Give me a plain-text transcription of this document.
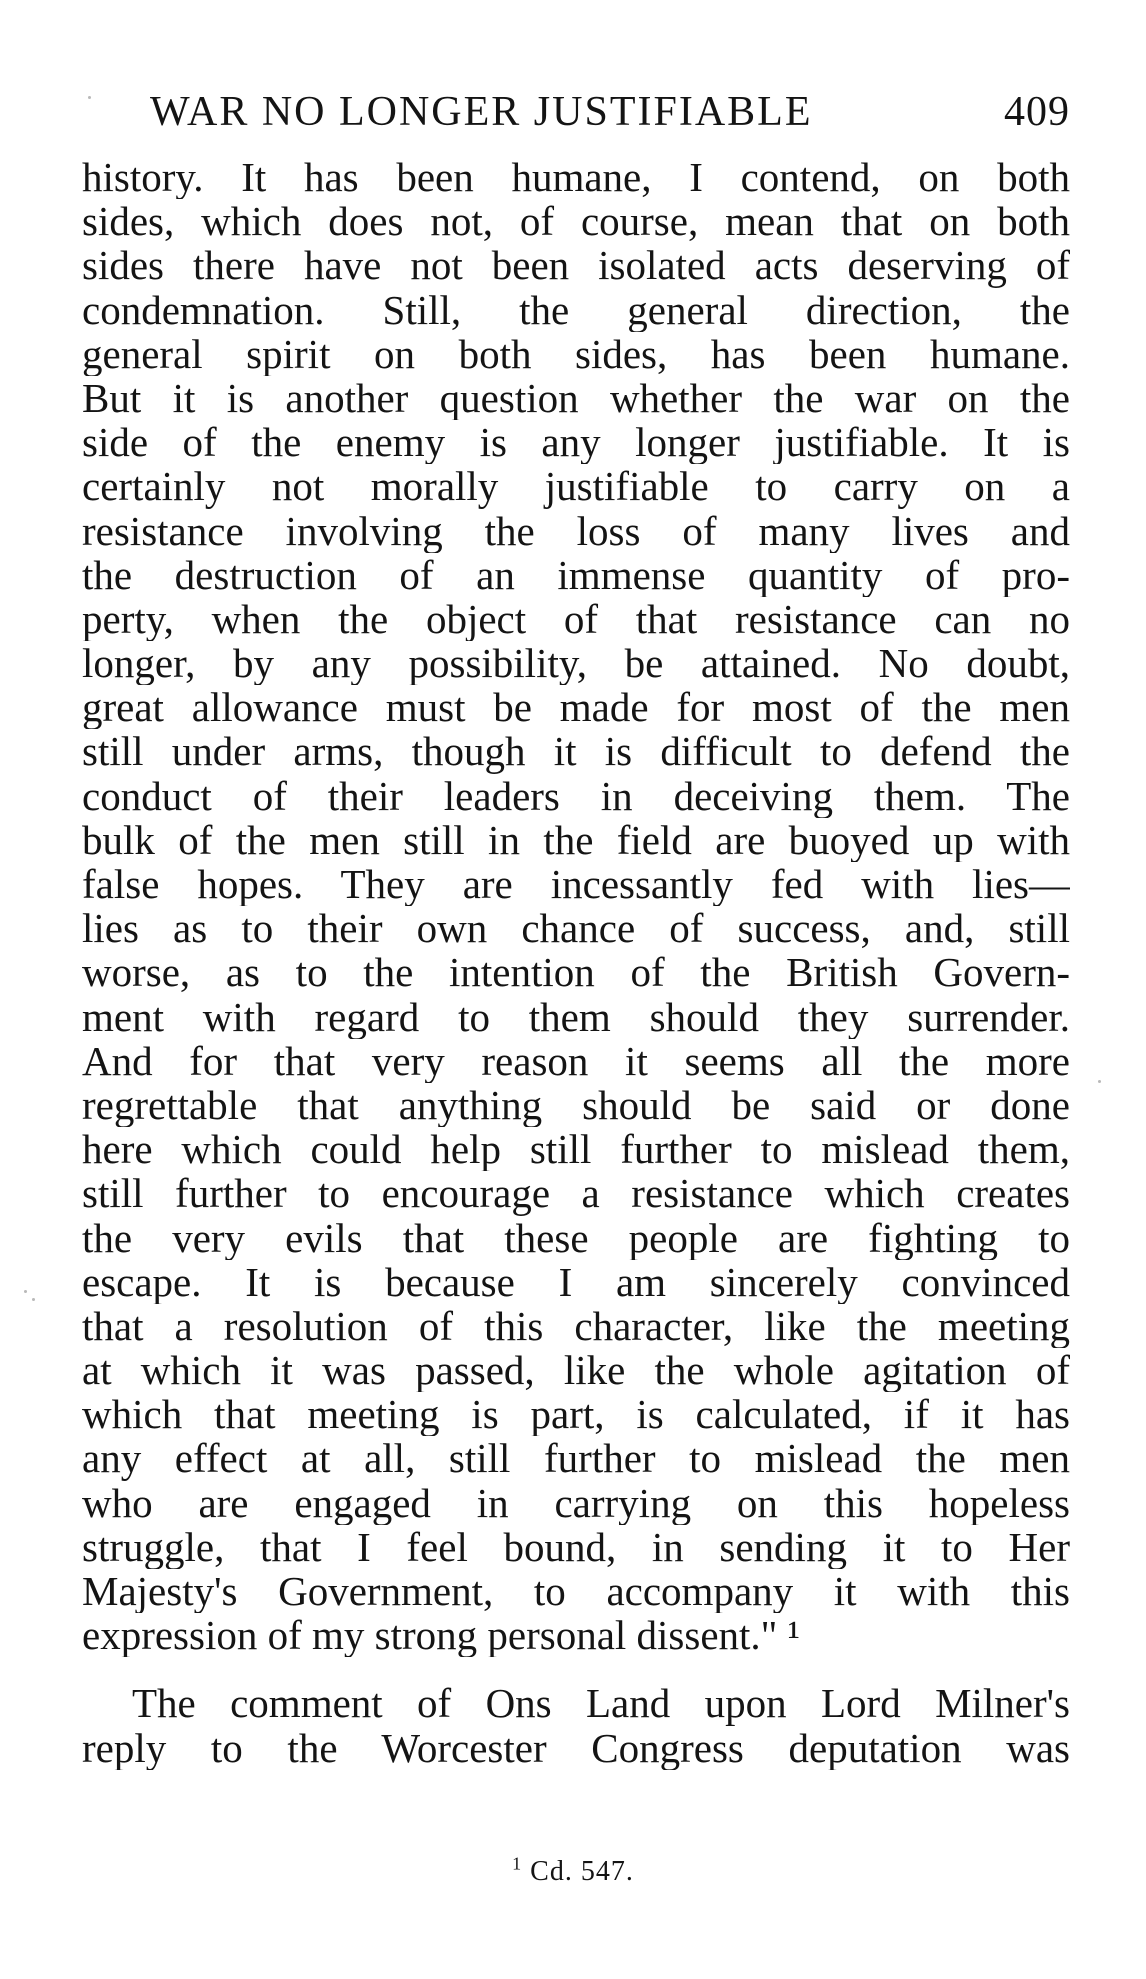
WAR NO LONGER JUSTIFIABLE	409
history. It has been humane, I contend, on both
sides, which does not, of course, mean that on both
sides there have not been isolated acts deserving of
condemnation. Still, the general direction, the
general spirit on both sides, has been humane.
But it is another question whether the war on the
side of the enemy is any longer justifiable. It is
certainly not morally justifiable to carry on a
resistance involving the loss of many lives and
the destruction of an immense quantity of pro-
perty, when the object of that resistance can no
longer, by any possibility, be attained. No doubt,
great allowance must be made for most of the men
still under arms, though it is difficult to defend the
conduct of their leaders in deceiving them. The
bulk of the men still in the field are buoyed up with
false hopes. They are incessantly fed with lies—
lies as to their own chance of success, and, still
worse, as to the intention of the British Govern-
ment with regard to them should they surrender.
And for that very reason it seems all the more
regrettable that anything should be said or done
here which could help still further to mislead them,
still further to encourage a resistance which creates
the very evils that these people are fighting to
escape. It is because I am sincerely convinced
that a resolution of this character, like the meeting
at which it was passed, like the whole agitation of
which that meeting is part, is calculated, if it has
any effect at all, still further to mislead the men
who are engaged in carrying on this hopeless
struggle, that I feel bound, in sending it to Her
Majesty's Government, to accompany it with this
expression of my strong personal dissent." ¹
The comment of Ons Land upon Lord Milner's
reply to the Worcester Congress deputation was
$^1$ Cd. 547.
